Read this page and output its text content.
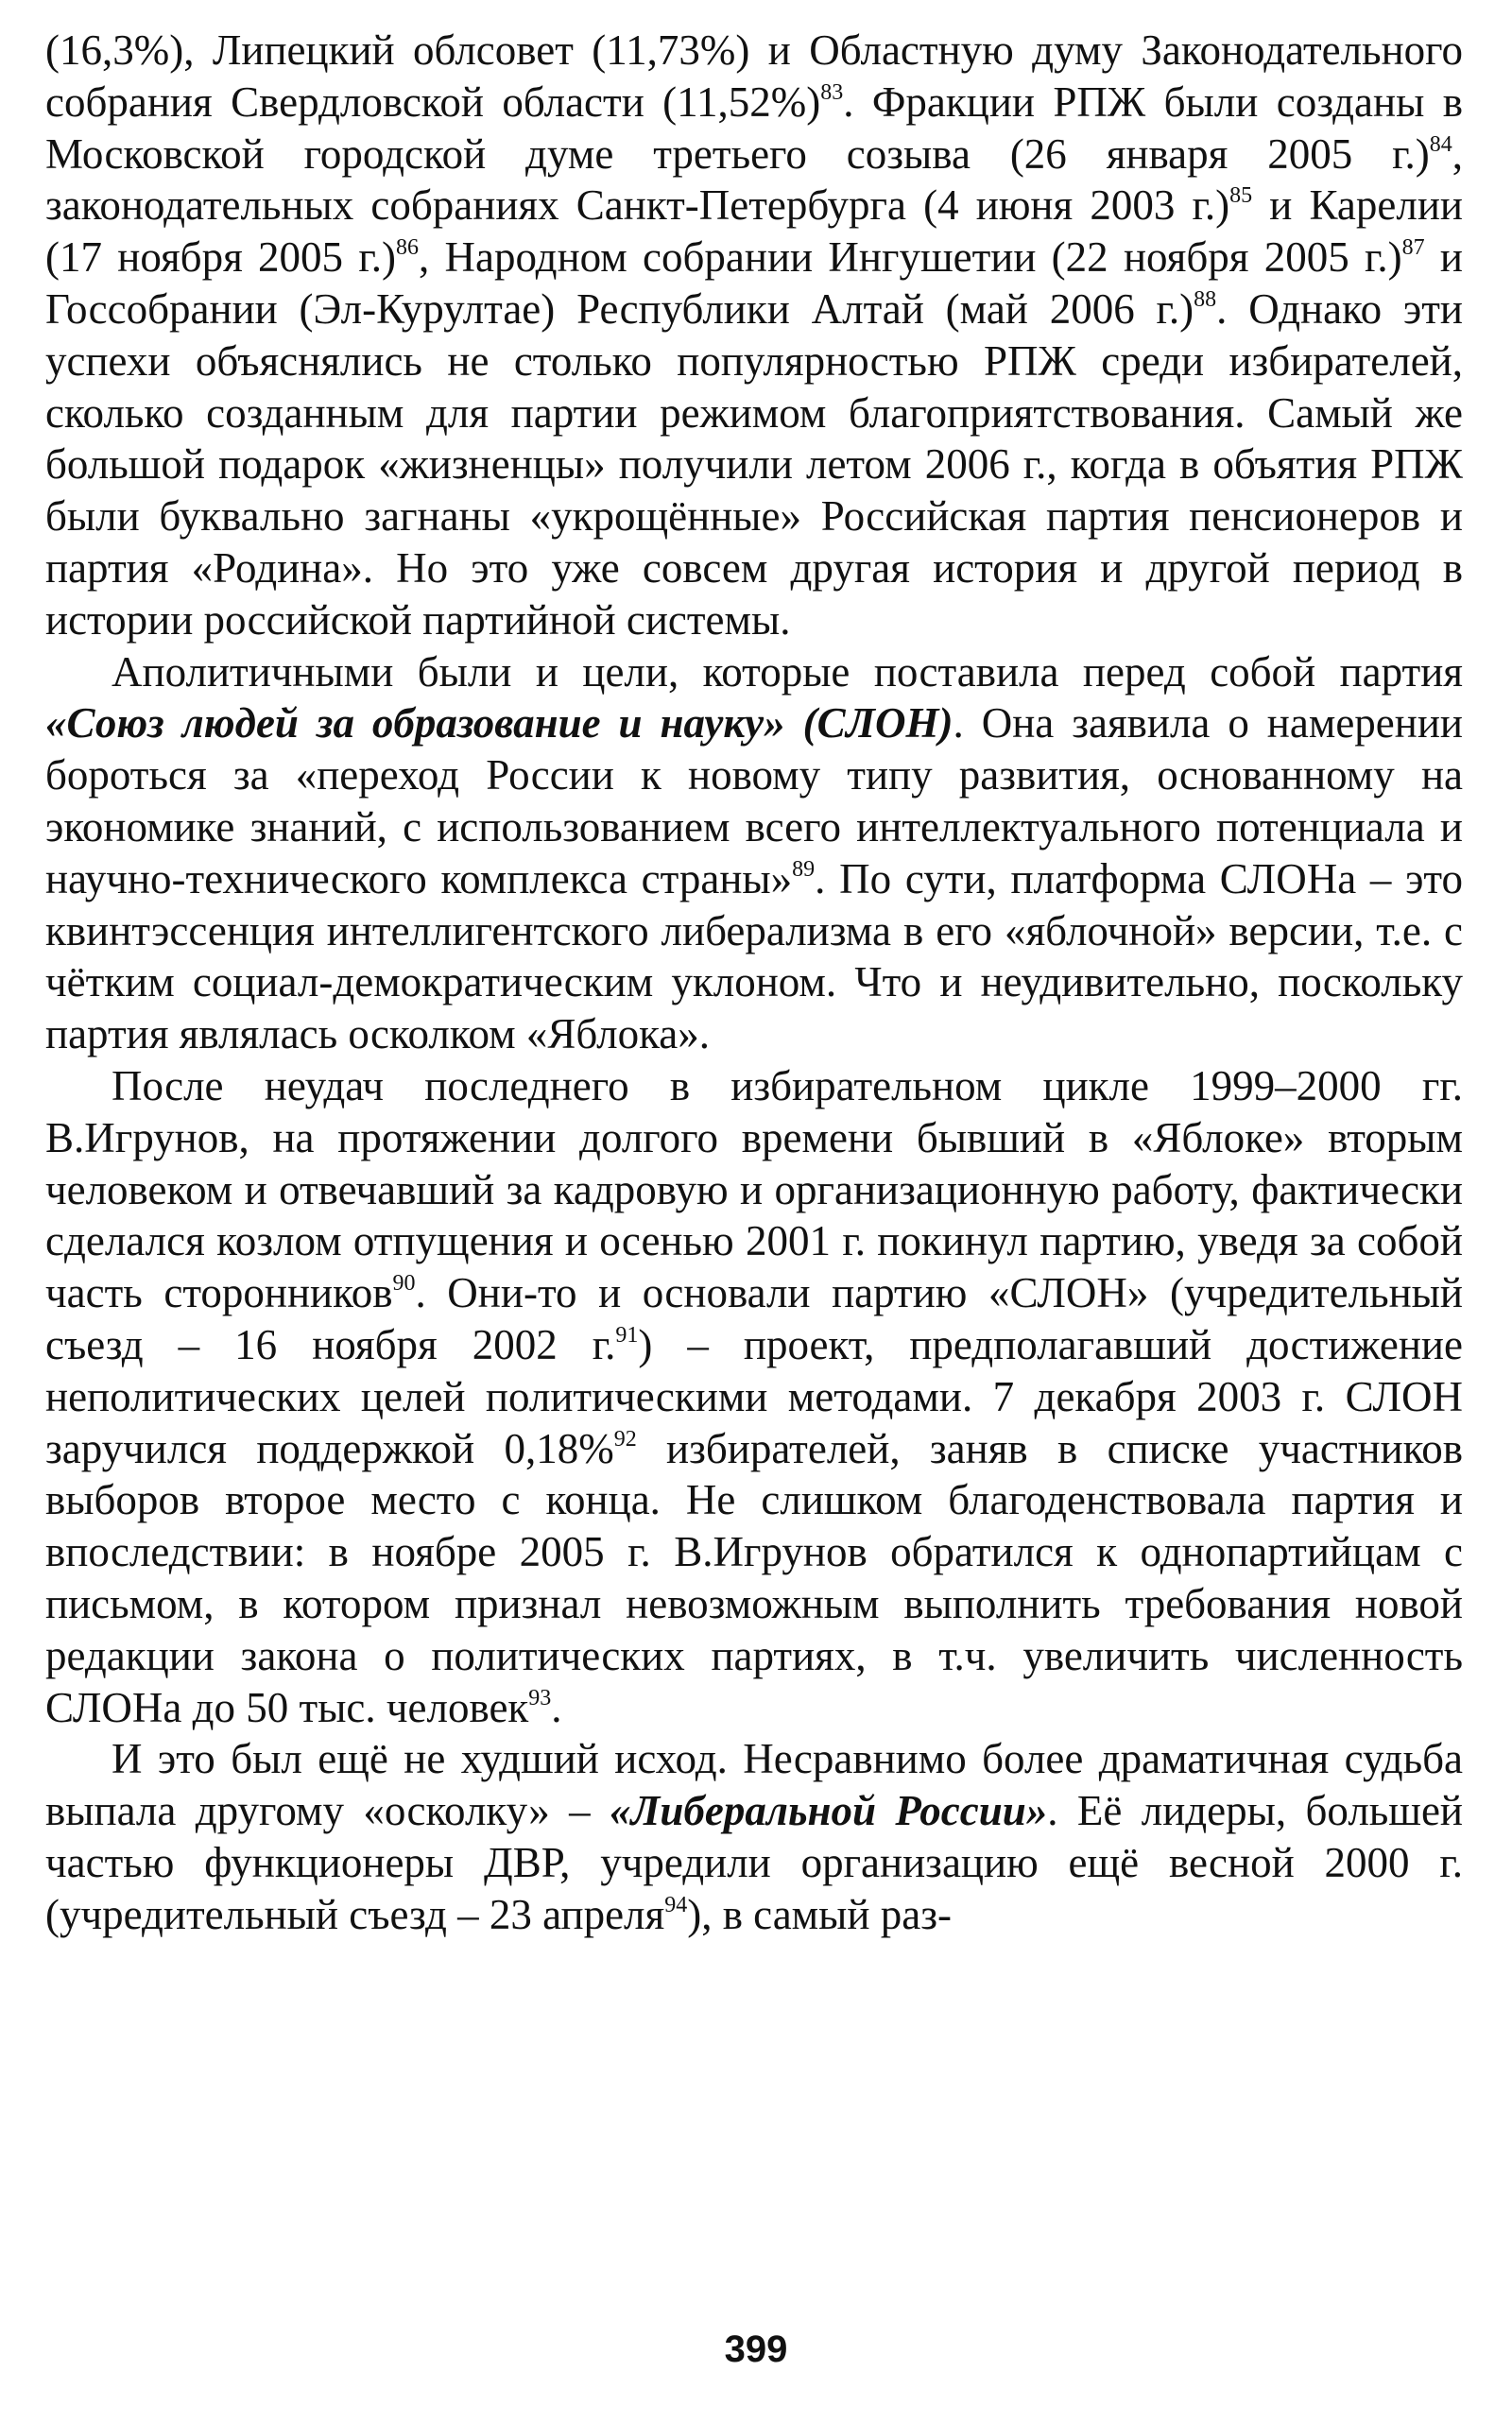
(16,3%), Липецкий облсовет (11,73%) и Областную думу Законодательного собрания Свердловской области $(11,52\%)^{83}$. Фракции РПЖ были созданы в Московской городской думе третьего созыва (26 января 2005 г.)$^{84}$, законодательных собраниях Санкт-Петербурга (4 июня 2003 г.)$^{85}$ и Карелии (17 ноября 2005 г.)$^{86}$, Народном собрании Ингушетии (22 ноября 2005 г.)$^{87}$ и Госсобрании (Эл-Курултае) Республики Алтай (май 2006 г.)$^{88}$. Однако эти успехи объяснялись не столько популярностью РПЖ среди избирателей, сколько созданным для партии режимом благоприятствования. Самый же большой подарок «жизненцы» получили летом 2006 г., когда в объятия РПЖ были буквально загнаны «укрощённые» Российская партия пенсионеров и партия «Родина». Но это уже совсем другая история и другой период в истории российской партийной системы.

Аполитичными были и цели, которые поставила перед собой партия «Союз людей за образование и науку» (СЛОН). Она заявила о намерении бороться за «переход России к новому типу развития, основанному на экономике знаний, с использованием всего интеллектуального потенциала и научно-технического комплекса страны»$^{89}$. По сути, платформа СЛОНа – это квинтэссенция интеллигентского либерализма в его «яблочной» версии, т.е. с чётким социал-демократическим уклоном. Что и неудивительно, поскольку партия являлась осколком «Яблока».

После неудач последнего в избирательном цикле 1999–2000 гг. В.Игрунов, на протяжении долгого времени бывший в «Яблоке» вторым человеком и отвечавший за кадровую и организационную работу, фактически сделался козлом отпущения и осенью 2001 г. покинул партию, уведя за собой часть сторонников$^{90}$. Они-то и основали партию «СЛОН» (учредительный съезд – 16 ноября 2002 г.$^{91}$) – проект, предполагавший достижение неполитических целей политическими методами. 7 декабря 2003 г. СЛОН заручился поддержкой 0,18%$^{92}$ избирателей, заняв в списке участников выборов второе место с конца. Не слишком благоденствовала партия и впоследствии: в ноябре 2005 г. В.Игрунов обратился к однопартийцам с письмом, в котором признал невозможным выполнить требования новой редакции закона о политических партиях, в т.ч. увеличить численность СЛОНа до 50 тыс. человек$^{93}$.

И это был ещё не худший исход. Несравнимо более драматичная судьба выпала другому «осколку» – «Либеральной России». Её лидеры, большей частью функционеры ДВР, учредили организацию ещё весной 2000 г. (учредительный съезд – 23 апреля$^{94}$), в самый раз-

399
